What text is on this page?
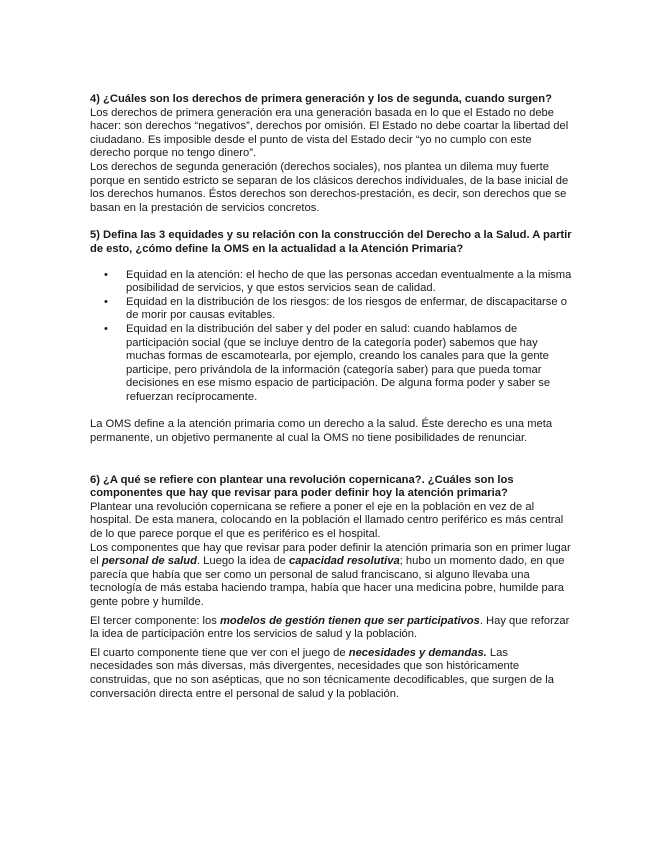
4) ¿Cuáles son los derechos de primera generación y los de segunda, cuando surgen?

Los derechos de primera generación era una generación basada en lo que el Estado no debe hacer: son derechos “negativos”, derechos por omisión. El Estado no debe coartar la libertad del ciudadano. Es imposible desde el punto de vista del Estado decir “yo no cumplo con este derecho porque no tengo dinero”.

Los derechos de segunda generación (derechos sociales), nos plantea un dilema muy fuerte porque en sentido estricto se separan de los clásicos derechos individuales, de la base inicial de los derechos humanos. Éstos derechos son derechos-prestación, es decir, son derechos que se basan en la prestación de servicios concretos.

5) Defina las 3 equidades y su relación con la construcción del Derecho a la Salud. A partir de esto, ¿cómo define la OMS en la actualidad a la Atención Primaria?

• Equidad en la atención: el hecho de que las personas accedan eventualmente a la misma posibilidad de servicios, y que estos servicios sean de calidad.
• Equidad en la distribución de los riesgos: de los riesgos de enfermar, de discapacitarse o de morir por causas evitables.
• Equidad en la distribución del saber y del poder en salud: cuando hablamos de participación social (que se incluye dentro de la categoría poder) sabemos que hay muchas formas de escamotearla, por ejemplo, creando los canales para que la gente participe, pero privándola de la información (categoría saber) para que pueda tomar decisiones en ese mismo espacio de participación. De alguna forma poder y saber se refuerzan recíprocamente.

La OMS define a la atención primaria como un derecho a la salud. Éste derecho es una meta permanente, un objetivo permanente al cual la OMS no tiene posibilidades de renunciar.

6) ¿A qué se refiere con plantear una revolución copernicana?. ¿Cuáles son los componentes que hay que revisar para poder definir hoy la atención primaria?

Plantear una revolución copernicana se refiere a poner el eje en la población en vez de al hospital. De esta manera, colocando en la población el llamado centro periférico es más central de lo que parece porque el que es periférico es el hospital.

Los componentes que hay que revisar para poder definir la atención primaria son en primer lugar el personal de salud. Luego la idea de capacidad resolutiva; hubo un momento dado, en que parecía que había que ser como un personal de salud franciscano, si alguno llevaba una tecnología de más estaba haciendo trampa, había que hacer una medicina pobre, humilde para gente pobre y humilde.

El tercer componente: los modelos de gestión tienen que ser participativos. Hay que reforzar la idea de participación entre los servicios de salud y la población.

El cuarto componente tiene que ver con el juego de necesidades y demandas. Las necesidades son más diversas, más divergentes, necesidades que son históricamente construidas, que no son asépticas, que no son técnicamente decodificables, que surgen de la conversación directa entre el personal de salud y la población.
